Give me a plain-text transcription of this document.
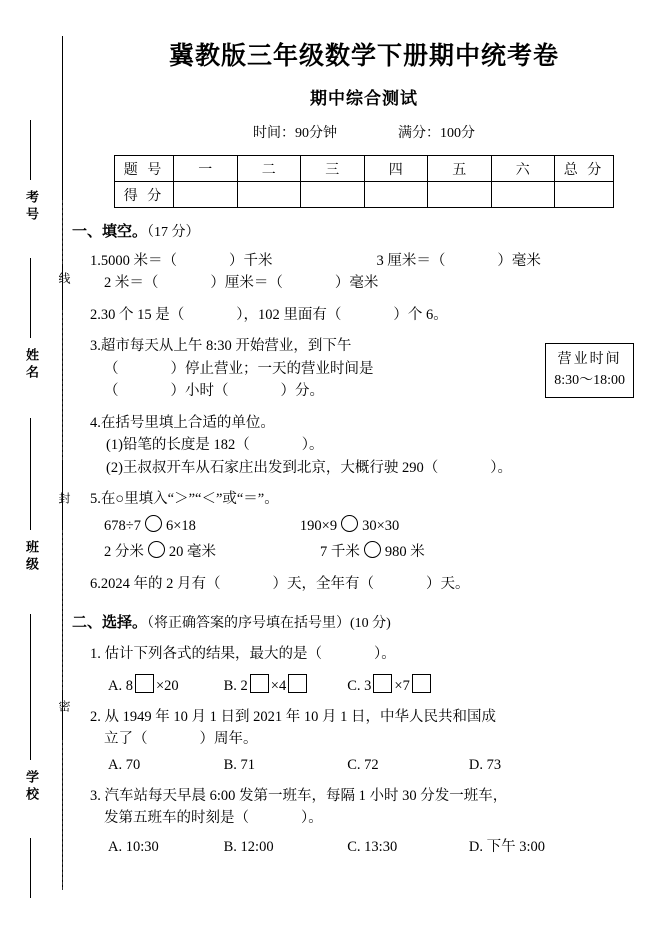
考号
姓名
班级
学校
线
封
密
冀教版三年级数学下册期中统考卷
期中综合测试
时间：90分钟	满分：100分
题 号	一	二	三	四	五	六	总 分
得 分							
一、填空。（17 分）
1.5000 米＝（	）千米	3 厘米＝（	）毫米
2 米＝（	）厘米＝（	）毫米
2.30 个 15 是（	），102 里面有（	）个 6。
3.超市每天从上午 8:30 开始营业，到下午
（	）停止营业；一天的营业时间是
（	）小时（	）分。
营业时间
8:30～18:00
4.在括号里填上合适的单位。
(1)铅笔的长度是 182（	）。
(2)王叔叔开车从石家庄出发到北京，大概行驶 290（	）。
5.在○里填入“＞”“＜”或“＝”。
678÷7 6×18	190×9 30×30
2 分米 20 毫米	7 千米 980 米
6.2024 年的 2 月有（	）天，全年有（	）天。
二、选择。（将正确答案的序号填在括号里）(10 分)
1. 估计下列各式的结果，最大的是（	）。
A. 8 ×20	B. 2 ×4	C. 3 ×7
2. 从 1949 年 10 月 1 日到 2021 年 10 月 1 日，中华人民共和国成
立了（	）周年。
A. 70	B. 71	C. 72	D. 73
3. 汽车站每天早晨 6:00 发第一班车，每隔 1 小时 30 分发一班车，
发第五班车的时刻是（	）。
A. 10:30	B. 12:00	C. 13:30	D. 下午 3:00
